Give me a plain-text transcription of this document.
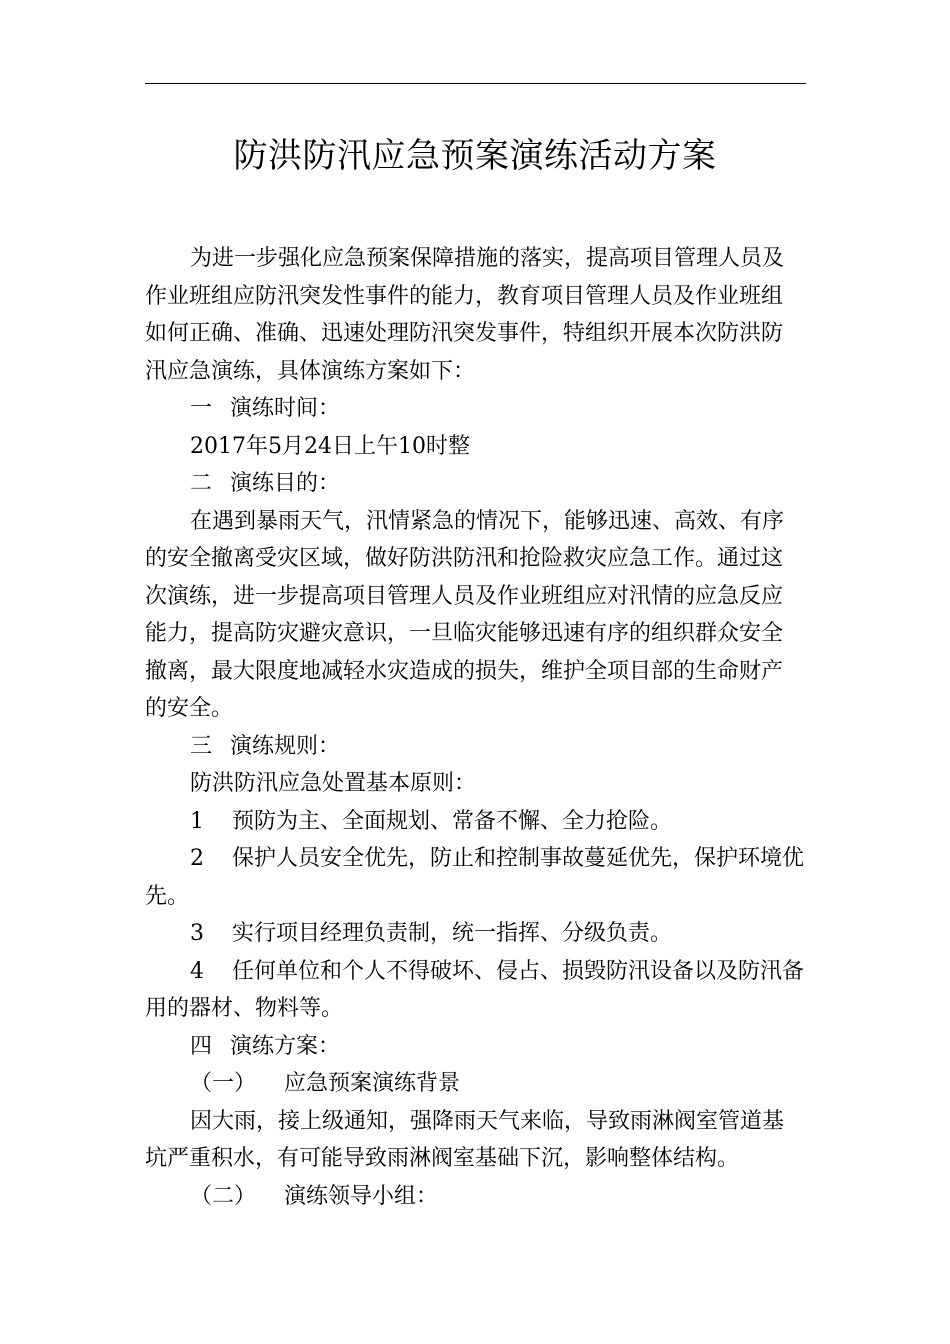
防洪防汛应急预案演练活动方案
为进一步强化应急预案保障措施的落实，提高项目管理人员及
作业班组应防汛突发性事件的能力，教育项目管理人员及作业班组
如何正确、准确、迅速处理防汛突发事件，特组织开展本次防洪防
汛应急演练，具体演练方案如下：
一 演练时间：
2017年5月24日上午10时整
二 演练目的：
在遇到暴雨天气，汛情紧急的情况下，能够迅速、高效、有序
的安全撤离受灾区域，做好防洪防汛和抢险救灾应急工作。通过这
次演练，进一步提高项目管理人员及作业班组应对汛情的应急反应
能力，提高防灾避灾意识，一旦临灾能够迅速有序的组织群众安全
撤离，最大限度地减轻水灾造成的损失，维护全项目部的生命财产
的安全。
三 演练规则：
防洪防汛应急处置基本原则：
1 预防为主、全面规划、常备不懈、全力抢险。
2 保护人员安全优先，防止和控制事故蔓延优先，保护环境优
先。
3 实行项目经理负责制，统一指挥、分级负责。
4 任何单位和个人不得破坏、侵占、损毁防汛设备以及防汛备
用的器材、物料等。
四 演练方案：
（一） 应急预案演练背景
因大雨，接上级通知，强降雨天气来临，导致雨淋阀室管道基
坑严重积水，有可能导致雨淋阀室基础下沉，影响整体结构。
（二） 演练领导小组：
